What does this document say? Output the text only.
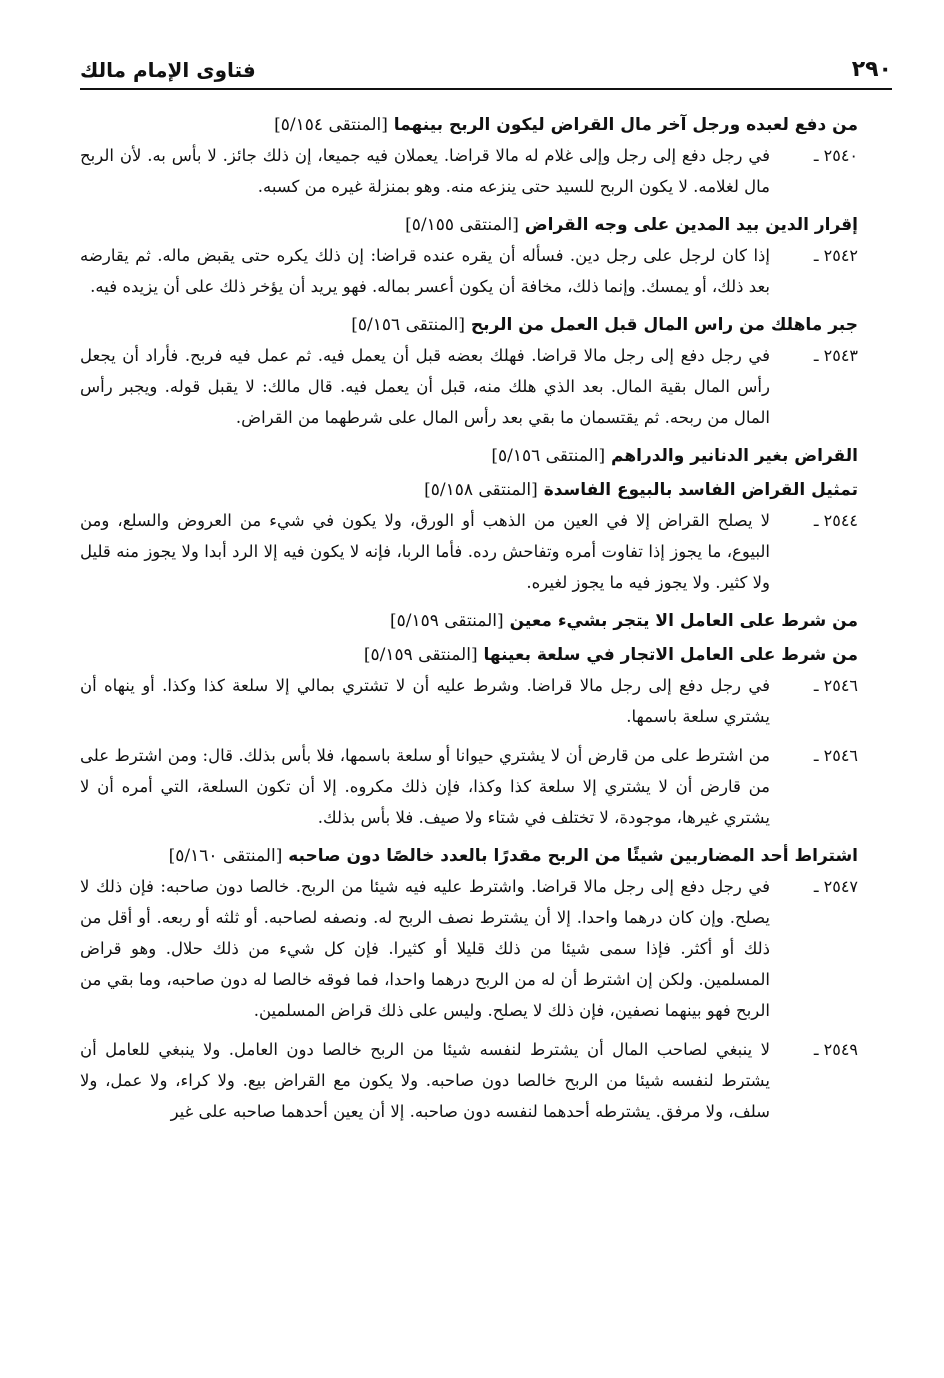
٢٩٠
فتاوى الإمام مالك
من دفع لعبده ورجل آخر مال القراض ليكون الربح بينهما [المنتقى ٥/١٥٤]
٢٥٤٠ ـ
في رجل دفع إلى رجل وإلى غلام له مالا قراضا. يعملان فيه جميعا، إن ذلك جائز. لا بأس به. لأن الربح مال لغلامه. لا يكون الربح للسيد حتى ينزعه منه. وهو بمنزلة غيره من كسبه.
إقرار الدين بيد المدين على وجه القراض [المنتقى ٥/١٥٥]
٢٥٤٢ ـ
إذا كان لرجل على رجل دين. فسأله أن يقره عنده قراضا: إن ذلك يكره حتى يقبض ماله. ثم يقارضه بعد ذلك، أو يمسك. وإنما ذلك، مخافة أن يكون أعسر بماله. فهو يريد أن يؤخر ذلك على أن يزيده فيه.
جبر ماهلك من راس المال قبل العمل من الربح [المنتقى ٥/١٥٦]
٢٥٤٣ ـ
في رجل دفع إلى رجل مالا قراضا. فهلك بعضه قبل أن يعمل فيه. ثم عمل فيه فربح. فأراد أن يجعل رأس المال بقية المال. بعد الذي هلك منه، قبل أن يعمل فيه. قال مالك: لا يقبل قوله. ويجبر رأس المال من ربحه. ثم يقتسمان ما بقي بعد رأس المال على شرطهما من القراض.
القراض بغير الدنانير والدراهم [المنتقى ٥/١٥٦]
تمثيل القراض الفاسد بالبيوع الفاسدة [المنتقى ٥/١٥٨]
٢٥٤٤ ـ
لا يصلح القراض إلا في العين من الذهب أو الورق، ولا يكون في شيء من العروض والسلع، ومن البيوع، ما يجوز إذا تفاوت أمره وتفاحش رده. فأما الربا، فإنه لا يكون فيه إلا الرد أبدا ولا يجوز منه قليل ولا كثير. ولا يجوز فيه ما يجوز لغيره.
من شرط على العامل الا يتجر بشيء معين [المنتقى ٥/١٥٩]
من شرط على العامل الاتجار في سلعة بعينها [المنتقى ٥/١٥٩]
٢٥٤٦ ـ
في رجل دفع إلى رجل مالا قراضا. وشرط عليه أن لا تشتري بمالي إلا سلعة كذا وكذا. أو ينهاه أن يشتري سلعة باسمها.
٢٥٤٦ ـ
من اشترط على من قارض أن لا يشتري حيوانا أو سلعة باسمها، فلا بأس بذلك. قال: ومن اشترط على من قارض أن لا يشتري إلا سلعة كذا وكذا، فإن ذلك مكروه. إلا أن تكون السلعة، التي أمره أن لا يشتري غيرها، موجودة، لا تختلف في شتاء ولا صيف. فلا بأس بذلك.
اشتراط أحد المضاربين شيئًا من الربح مقدرًا بالعدد خالصًا دون صاحبه [المنتقى ٥/١٦٠]
٢٥٤٧ ـ
في رجل دفع إلى رجل مالا قراضا. واشترط عليه فيه شيئا من الربح. خالصا دون صاحبه: فإن ذلك لا يصلح. وإن كان درهما واحدا. إلا أن يشترط نصف الربح له. ونصفه لصاحبه. أو ثلثه أو ربعه. أو أقل من ذلك أو أكثر. فإذا سمى شيئا من ذلك قليلا أو كثيرا. فإن كل شيء من ذلك حلال. وهو قراض المسلمين. ولكن إن اشترط أن له من الربح درهما واحدا، فما فوقه خالصا له دون صاحبه، وما بقي من الربح فهو بينهما نصفين، فإن ذلك لا يصلح. وليس على ذلك قراض المسلمين.
٢٥٤٩ ـ
لا ينبغي لصاحب المال أن يشترط لنفسه شيئا من الربح خالصا دون العامل. ولا ينبغي للعامل أن يشترط لنفسه شيئا من الربح خالصا دون صاحبه. ولا يكون مع القراض بيع. ولا كراء، ولا عمل، ولا سلف، ولا مرفق. يشترطه أحدهما لنفسه دون صاحبه. إلا أن يعين أحدهما صاحبه على غير
